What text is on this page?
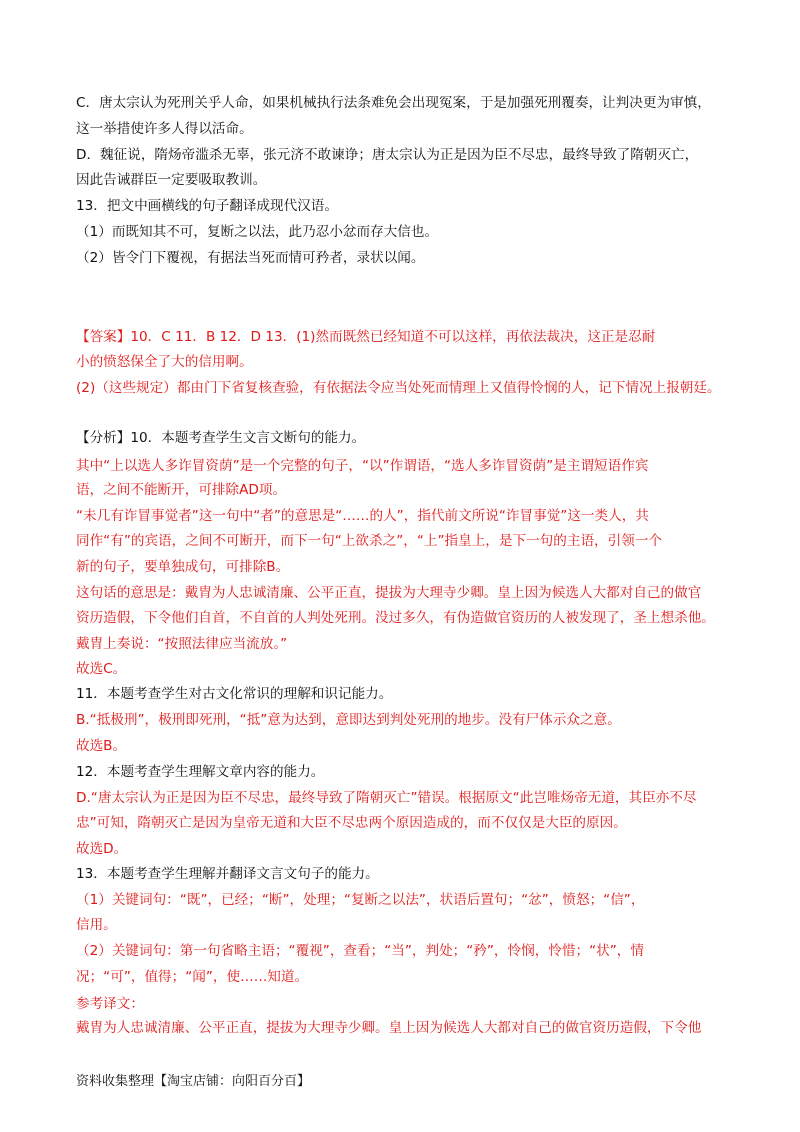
C．唐太宗认为死刑关乎人命，如果机械执行法条难免会出现冤案，于是加强死刑覆奏，让判决更为审慎，
这一举措使许多人得以活命。
D．魏征说，隋炀帝滥杀无辜，张元济不敢谏诤；唐太宗认为正是因为臣不尽忠，最终导致了隋朝灭亡，
因此告诫群臣一定要吸取教训。
13．把文中画横线的句子翻译成现代汉语。
（1）而既知其不可，复断之以法，此乃忍小忿而存大信也。
（2）皆令门下覆视，有据法当死而情可矜者，录状以闻。
【答案】10．C 11．B 12．D 13．(1)然而既然已经知道不可以这样，再依法裁决，这正是忍耐
小的愤怒保全了大的信用啊。
(2)（这些规定）都由门下省复核查验，有依据法令应当处死而情理上又值得怜悯的人，记下情况上报朝廷。
【分析】10．本题考查学生文言文断句的能力。
其中“上以选人多诈冒资荫”是一个完整的句子，“以”作谓语，“选人多诈冒资荫”是主谓短语作宾
语，之间不能断开，可排除AD项。
“未几有诈冒事觉者”这一句中“者”的意思是“……的人”，指代前文所说“诈冒事觉”这一类人，共
同作“有”的宾语，之间不可断开，而下一句“上欲杀之”，“上”指皇上，是下一句的主语，引领一个
新的句子，要单独成句，可排除B。
这句话的意思是：戴胄为人忠诚清廉、公平正直，提拔为大理寺少卿。皇上因为候选人大都对自己的做官
资历造假，下令他们自首，不自首的人判处死刑。没过多久，有伪造做官资历的人被发现了，圣上想杀他。
戴胄上奏说：“按照法律应当流放。”
故选C。
11．本题考查学生对古文化常识的理解和识记能力。
B.“抵极刑”，极刑即死刑，“抵”意为达到，意即达到判处死刑的地步。没有尸体示众之意。
故选B。
12．本题考查学生理解文章内容的能力。
D.“唐太宗认为正是因为臣不尽忠，最终导致了隋朝灭亡”错误。根据原文“此岂唯炀帝无道，其臣亦不尽
忠”可知，隋朝灭亡是因为皇帝无道和大臣不尽忠两个原因造成的，而不仅仅是大臣的原因。
故选D。
13．本题考查学生理解并翻译文言文句子的能力。
（1）关键词句：“既”，已经；“断”，处理；“复断之以法”，状语后置句；“忿”，愤怒；“信”，
信用。
（2）关键词句：第一句省略主语；“覆视”，查看；“当”，判处；“矜”，怜悯，怜惜；“状”，情
况；“可”，值得；“闻”，使……知道。
参考译文：
戴胄为人忠诚清廉、公平正直，提拔为大理寺少卿。皇上因为候选人大都对自己的做官资历造假，下令他
资料收集整理【淘宝店铺：向阳百分百】
